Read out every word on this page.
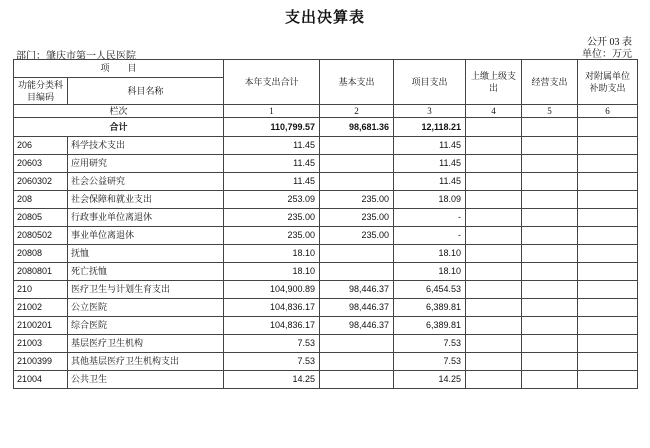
支出决算表
公开 03 表
单位：万元
部门：肇庆市第一人民医院
项　　目		本年支出合计	基本支出	项目支出	上缴上级支出	经营支出	对附属单位补助支出
功能分类科目编码	科目名称						
栏次		1	2	3	4	5	6
合计		110,799.57	98,681.36	12,118.21			
206	科学技术支出	11.45		11.45			
20603	应用研究	11.45		11.45			
2060302	社会公益研究	11.45		11.45			
208	社会保障和就业支出	253.09	235.00	18.09			
20805	行政事业单位离退休	235.00	235.00	-			
2080502	事业单位离退休	235.00	235.00	-			
20808	抚恤	18.10		18.10			
2080801	死亡抚恤	18.10		18.10			
210	医疗卫生与计划生育支出	104,900.89	98,446.37	6,454.53			
21002	公立医院	104,836.17	98,446.37	6,389.81			
2100201	综合医院	104,836.17	98,446.37	6,389.81			
21003	基层医疗卫生机构	7.53		7.53			
2100399	其他基层医疗卫生机构支出	7.53		7.53			
21004	公共卫生	14.25		14.25			
